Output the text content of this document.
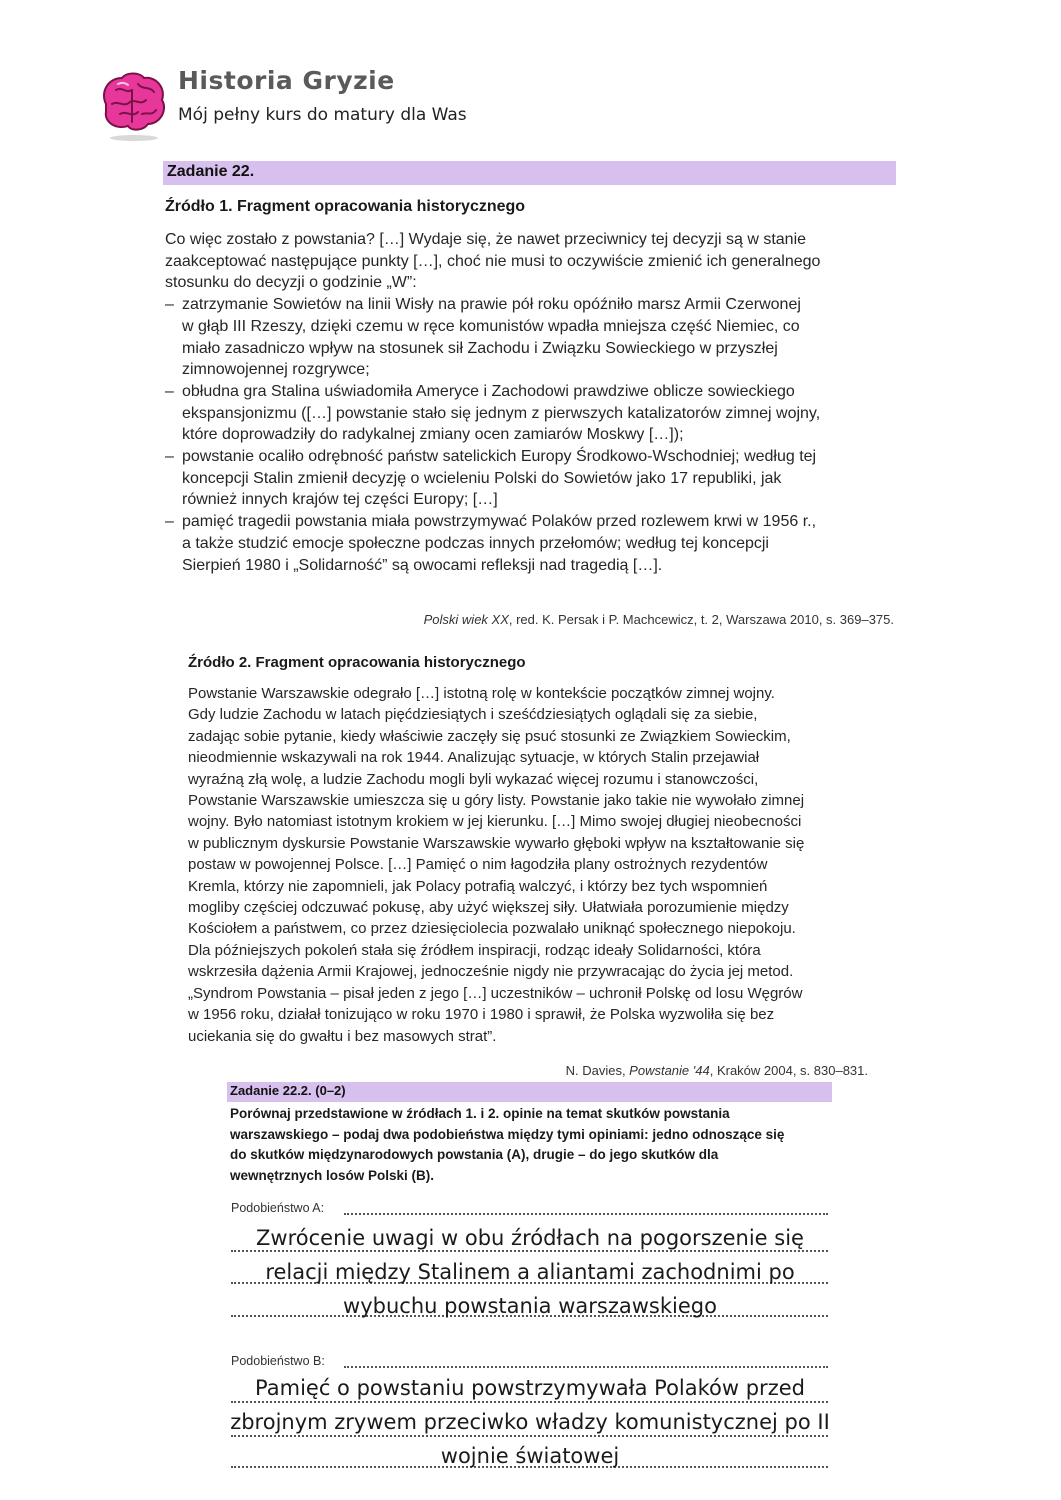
Historia Gryzie
Mój pełny kurs do matury dla Was
Zadanie 22.
Źródło 1. Fragment opracowania historycznego
Co więc zostało z powstania? […] Wydaje się, że nawet przeciwnicy tej decyzji są w stanie
zaakceptować następujące punkty […], choć nie musi to oczywiście zmienić ich generalnego
stosunku do decyzji o godzinie „W”:
– zatrzymanie Sowietów na linii Wisły na prawie pół roku opóźniło marsz Armii Czerwonej
w głąb III Rzeszy, dzięki czemu w ręce komunistów wpadła mniejsza część Niemiec, co
miało zasadniczo wpływ na stosunek sił Zachodu i Związku Sowieckiego w przyszłej
zimnowojennej rozgrywce;
– obłudna gra Stalina uświadomiła Ameryce i Zachodowi prawdziwe oblicze sowieckiego
ekspansjonizmu ([…] powstanie stało się jednym z pierwszych katalizatorów zimnej wojny,
które doprowadziły do radykalnej zmiany ocen zamiarów Moskwy […]);
– powstanie ocaliło odrębność państw satelickich Europy Środkowo-Wschodniej; według tej
koncepcji Stalin zmienił decyzję o wcieleniu Polski do Sowietów jako 17 republiki, jak
również innych krajów tej części Europy; […]
– pamięć tragedii powstania miała powstrzymywać Polaków przed rozlewem krwi w 1956 r.,
a także studzić emocje społeczne podczas innych przełomów; według tej koncepcji
Sierpień 1980 i „Solidarność” są owocami refleksji nad tragedią […].
Polski wiek XX, red. K. Persak i P. Machcewicz, t. 2, Warszawa 2010, s. 369–375.
Źródło 2. Fragment opracowania historycznego
Powstanie Warszawskie odegrało […] istotną rolę w kontekście początków zimnej wojny.
Gdy ludzie Zachodu w latach pięćdziesiątych i sześćdziesiątych oglądali się za siebie,
zadając sobie pytanie, kiedy właściwie zaczęły się psuć stosunki ze Związkiem Sowieckim,
nieodmiennie wskazywali na rok 1944. Analizując sytuacje, w których Stalin przejawiał
wyraźną złą wolę, a ludzie Zachodu mogli byli wykazać więcej rozumu i stanowczości,
Powstanie Warszawskie umieszcza się u góry listy. Powstanie jako takie nie wywołało zimnej
wojny. Było natomiast istotnym krokiem w jej kierunku. […] Mimo swojej długiej nieobecności
w publicznym dyskursie Powstanie Warszawskie wywarło głęboki wpływ na kształtowanie się
postaw w powojennej Polsce. […] Pamięć o nim łagodziła plany ostrożnych rezydentów
Kremla, którzy nie zapomnieli, jak Polacy potrafią walczyć, i którzy bez tych wspomnień
mogliby częściej odczuwać pokusę, aby użyć większej siły. Ułatwiała porozumienie między
Kościołem a państwem, co przez dziesięciolecia pozwalało uniknąć społecznego niepokoju.
Dla późniejszych pokoleń stała się źródłem inspiracji, rodząc ideały Solidarności, która
wskrzesiła dążenia Armii Krajowej, jednocześnie nigdy nie przywracając do życia jej metod.
„Syndrom Powstania – pisał jeden z jego […] uczestników – uchronił Polskę od losu Węgrów
w 1956 roku, działał tonizująco w roku 1970 i 1980 i sprawił, że Polska wyzwoliła się bez
uciekania się do gwałtu i bez masowych strat”.
N. Davies, Powstanie '44, Kraków 2004, s. 830–831.
Zadanie 22.2. (0–2)
Porównaj przedstawione w źródłach 1. i 2. opinie na temat skutków powstania
warszawskiego – podaj dwa podobieństwa między tymi opiniami: jedno odnoszące się
do skutków międzynarodowych powstania (A), drugie – do jego skutków dla
wewnętrznych losów Polski (B).
Podobieństwo A:
Zwrócenie uwagi w obu źródłach na pogorszenie się
relacji między Stalinem a aliantami zachodnimi po
wybuchu powstania warszawskiego
Podobieństwo B:
Pamięć o powstaniu powstrzymywała Polaków przed
zbrojnym zrywem przeciwko władzy komunistycznej po II
wojnie światowej
